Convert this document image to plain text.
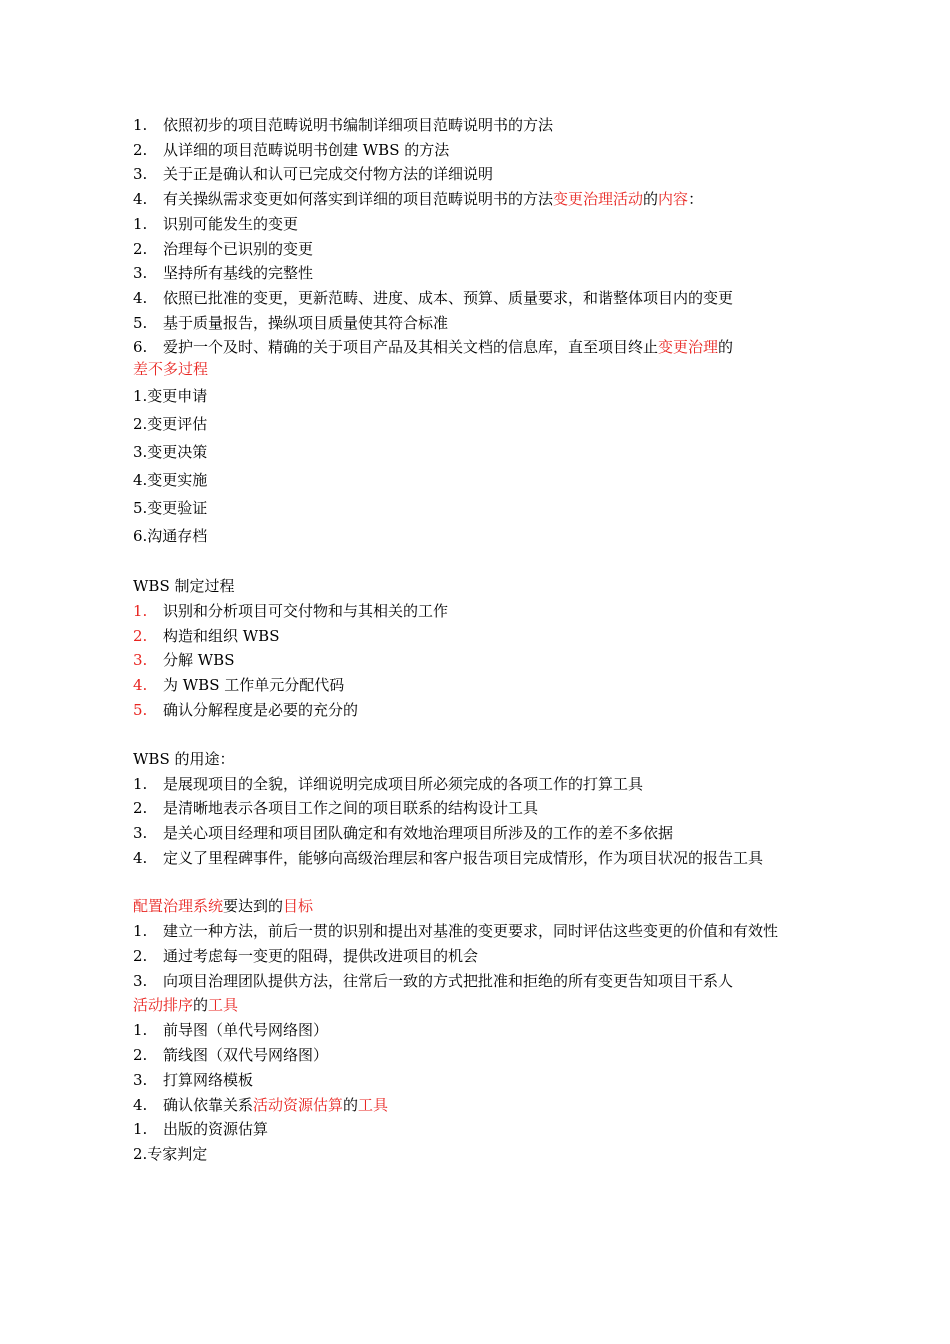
1.	依照初步的项目范畴说明书编制详细项目范畴说明书的方法
2.	从详细的项目范畴说明书创建 WBS 的方法
3.	关于正是确认和认可已完成交付物方法的详细说明
4.	有关操纵需求变更如何落实到详细的项目范畴说明书的方法变更治理活动的内容：
1.	识别可能发生的变更
2.	治理每个已识别的变更
3.	坚持所有基线的完整性
4.	依照已批准的变更，更新范畴、进度、成本、预算、质量要求，和谐整体项目内的变更
5.	基于质量报告，操纵项目质量使其符合标准
6.	爱护一个及时、精确的关于项目产品及其相关文档的信息库，直至项目终止变更治理的
差不多过程
1.变更申请
2.变更评估
3.变更决策
4.变更实施
5.变更验证
6.沟通存档
WBS 制定过程
1.	识别和分析项目可交付物和与其相关的工作
2.	构造和组织 WBS
3.	分解 WBS
4.	为 WBS 工作单元分配代码
5.	确认分解程度是必要的充分的
WBS 的用途：
1.	是展现项目的全貌，详细说明完成项目所必须完成的各项工作的打算工具
2.	是清晰地表示各项目工作之间的项目联系的结构设计工具
3.	是关心项目经理和项目团队确定和有效地治理项目所涉及的工作的差不多依据
4.	定义了里程碑事件，能够向高级治理层和客户报告项目完成情形，作为项目状况的报告工具
配置治理系统要达到的目标
1.	建立一种方法，前后一贯的识别和提出对基准的变更要求，同时评估这些变更的价值和有效性
2.	通过考虑每一变更的阻碍，提供改进项目的机会
3.	向项目治理团队提供方法，往常后一致的方式把批准和拒绝的所有变更告知项目干系人
活动排序的工具
1.	前导图（单代号网络图）
2.	箭线图（双代号网络图）
3.	打算网络模板
4.	确认依靠关系活动资源估算的工具
1.	出版的资源估算
2.专家判定
